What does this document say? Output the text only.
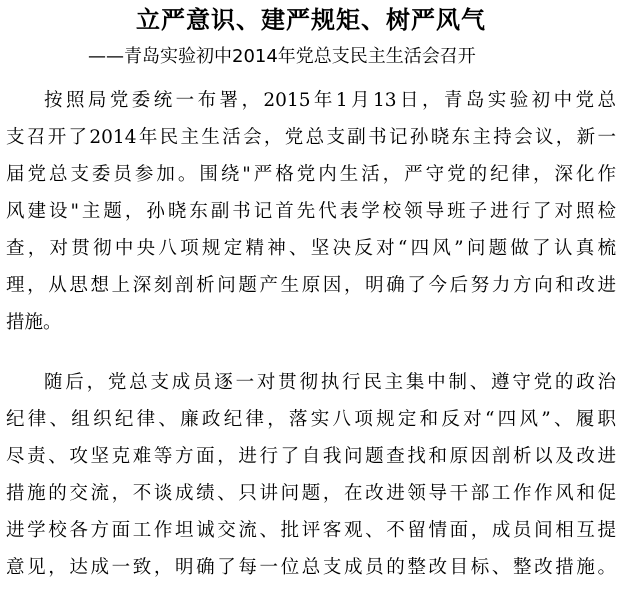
立严意识、建严规矩、树严风气

——青岛实验初中2014年党总支民主生活会召开

按照局党委统一布署，2015年1月13日，青岛实验初中党总

支召开了2014年民主生活会，党总支副书记孙晓东主持会议，新一

届党总支委员参加。围绕"严格党内生活，严守党的纪律，深化作

风建设"主题，孙晓东副书记首先代表学校领导班子进行了对照检

查，对贯彻中央八项规定精神、坚决反对“四风”问题做了认真梳

理，从思想上深刻剖析问题产生原因，明确了今后努力方向和改进

措施。

随后，党总支成员逐一对贯彻执行民主集中制、遵守党的政治

纪律、组织纪律、廉政纪律，落实八项规定和反对“四风”、履职

尽责、攻坚克难等方面，进行了自我问题查找和原因剖析以及改进

措施的交流，不谈成绩、只讲问题，在改进领导干部工作作风和促

进学校各方面工作坦诚交流、批评客观、不留情面，成员间相互提

意见，达成一致，明确了每一位总支成员的整改目标、整改措施。
